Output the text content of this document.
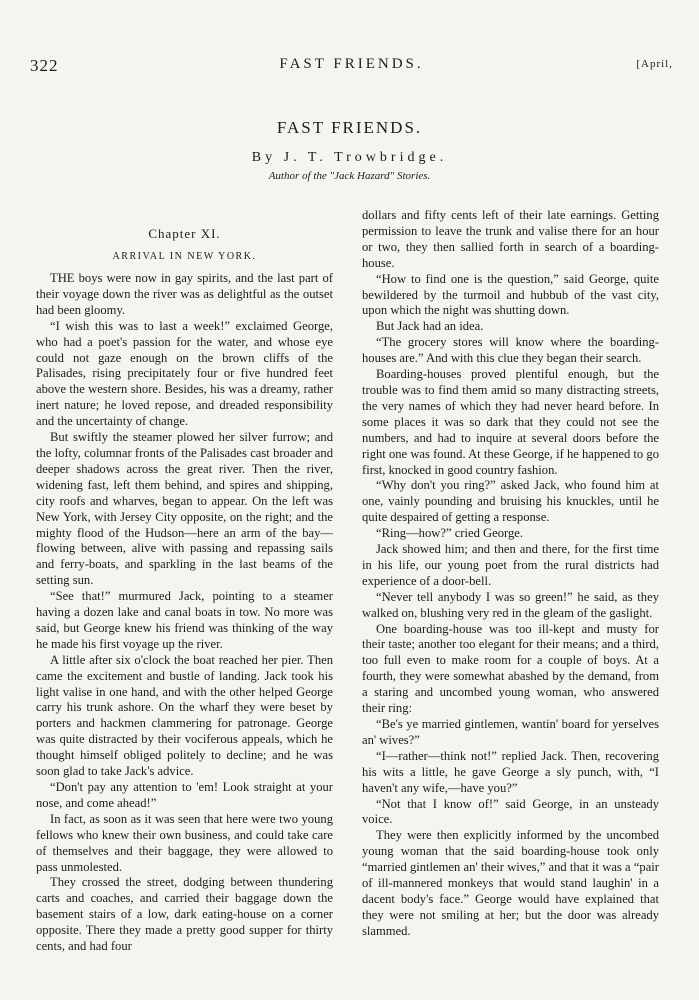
322	FAST FRIENDS.	[April,
FAST FRIENDS.
By J. T. Trowbridge.
Author of the "Jack Hazard" Stories.
Chapter XI.
ARRIVAL IN NEW YORK.

THE boys were now in gay spirits, and the last part of their voyage down the river was as delightful as the outset had been gloomy.

“I wish this was to last a week!” exclaimed George, who had a poet's passion for the water, and whose eye could not gaze enough on the brown cliffs of the Palisades, rising precipitately four or five hundred feet above the western shore. Besides, his was a dreamy, rather inert nature; he loved repose, and dreaded responsibility and the uncertainty of change.

But swiftly the steamer plowed her silver furrow; and the lofty, columnar fronts of the Palisades cast broader and deeper shadows across the great river. Then the river, widening fast, left them behind, and spires and shipping, city roofs and wharves, began to appear. On the left was New York, with Jersey City opposite, on the right; and the mighty flood of the Hudson—here an arm of the bay—flowing between, alive with passing and repassing sails and ferry-boats, and sparkling in the last beams of the setting sun.

“See that!” murmured Jack, pointing to a steamer having a dozen lake and canal boats in tow. No more was said, but George knew his friend was thinking of the way he made his first voyage up the river.

A little after six o'clock the boat reached her pier. Then came the excitement and bustle of landing. Jack took his light valise in one hand, and with the other helped George carry his trunk ashore. On the wharf they were beset by porters and hackmen clammering for patronage. George was quite distracted by their vociferous appeals, which he thought himself obliged politely to decline; and he was soon glad to take Jack's advice.

“Don't pay any attention to 'em! Look straight at your nose, and come ahead!”

In fact, as soon as it was seen that here were two young fellows who knew their own business, and could take care of themselves and their baggage, they were allowed to pass unmolested.

They crossed the street, dodging between thundering carts and coaches, and carried their baggage down the basement stairs of a low, dark eating-house on a corner opposite. There they made a pretty good supper for thirty cents, and had four

dollars and fifty cents left of their late earnings. Getting permission to leave the trunk and valise there for an hour or two, they then sallied forth in search of a boarding-house.

“How to find one is the question,” said George, quite bewildered by the turmoil and hubbub of the vast city, upon which the night was shutting down.

But Jack had an idea.

“The grocery stores will know where the boarding-houses are.” And with this clue they began their search.

Boarding-houses proved plentiful enough, but the trouble was to find them amid so many distracting streets, the very names of which they had never heard before. In some places it was so dark that they could not see the numbers, and had to inquire at several doors before the right one was found. At these George, if he happened to go first, knocked in good country fashion.

“Why don't you ring?” asked Jack, who found him at one, vainly pounding and bruising his knuckles, until he quite despaired of getting a response.

“Ring—how?” cried George.

Jack showed him; and then and there, for the first time in his life, our young poet from the rural districts had experience of a door-bell.

“Never tell anybody I was so green!” he said, as they walked on, blushing very red in the gleam of the gaslight.

One boarding-house was too ill-kept and musty for their taste; another too elegant for their means; and a third, too full even to make room for a couple of boys. At a fourth, they were somewhat abashed by the demand, from a staring and uncombed young woman, who answered their ring:

“Be's ye married gintlemen, wantin' board for yerselves an' wives?”

“I—rather—think not!” replied Jack. Then, recovering his wits a little, he gave George a sly punch, with, “I haven't any wife,—have you?”

“Not that I know of!” said George, in an unsteady voice.

They were then explicitly informed by the uncombed young woman that the said boarding-house took only “married gintlemen an' their wives,” and that it was a “pair of ill-mannered monkeys that would stand laughin' in a dacent body's face.” George would have explained that they were not smiling at her; but the door was already slammed.
